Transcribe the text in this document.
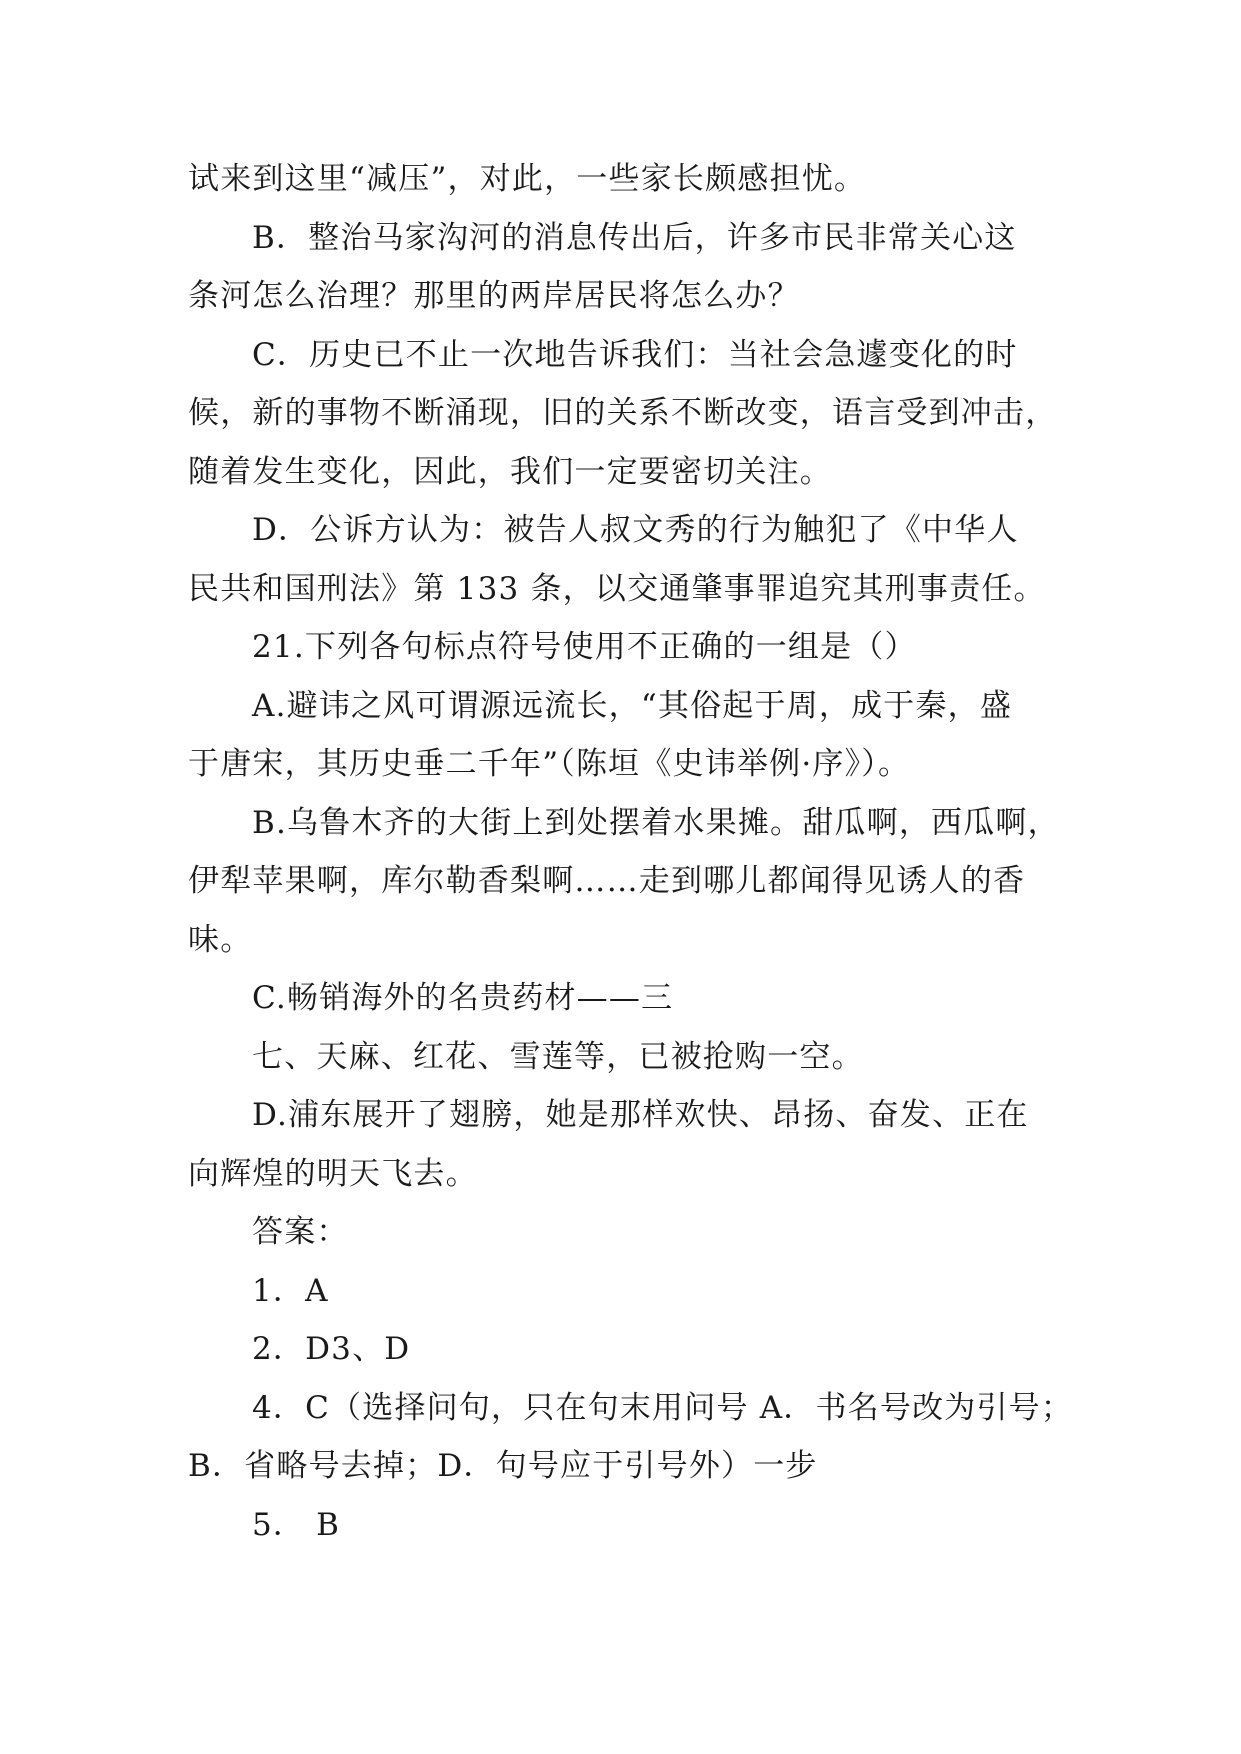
试来到这里“减压”，对此，一些家长颇感担忧。
B．整治马家沟河的消息传出后，许多市民非常关心这
条河怎么治理？那里的两岸居民将怎么办？
C．历史已不止一次地告诉我们：当社会急遽变化的时
候，新的事物不断涌现，旧的关系不断改变，语言受到冲击，
随着发生变化，因此，我们一定要密切关注。
D．公诉方认为：被告人叔文秀的行为触犯了《中华人
民共和国刑法》第 133 条，以交通肇事罪追究其刑事责任。
21.下列各句标点符号使用不正确的一组是（）
A.避讳之风可谓源远流长，“其俗起于周，成于秦，盛
于唐宋，其历史垂二千年”（陈垣《史讳举例·序》）。
B.乌鲁木齐的大街上到处摆着水果摊。甜瓜啊，西瓜啊，
伊犁苹果啊，库尔勒香梨啊……走到哪儿都闻得见诱人的香
味。
C.畅销海外的名贵药材——三
七、天麻、红花、雪莲等，已被抢购一空。
D.浦东展开了翅膀，她是那样欢快、昂扬、奋发、正在
向辉煌的明天飞去。
答案：
1．A
2．D3、D
4．C（选择问句，只在句末用问号 A．书名号改为引号；
B．省略号去掉；D．句号应于引号外）一步
5． B
